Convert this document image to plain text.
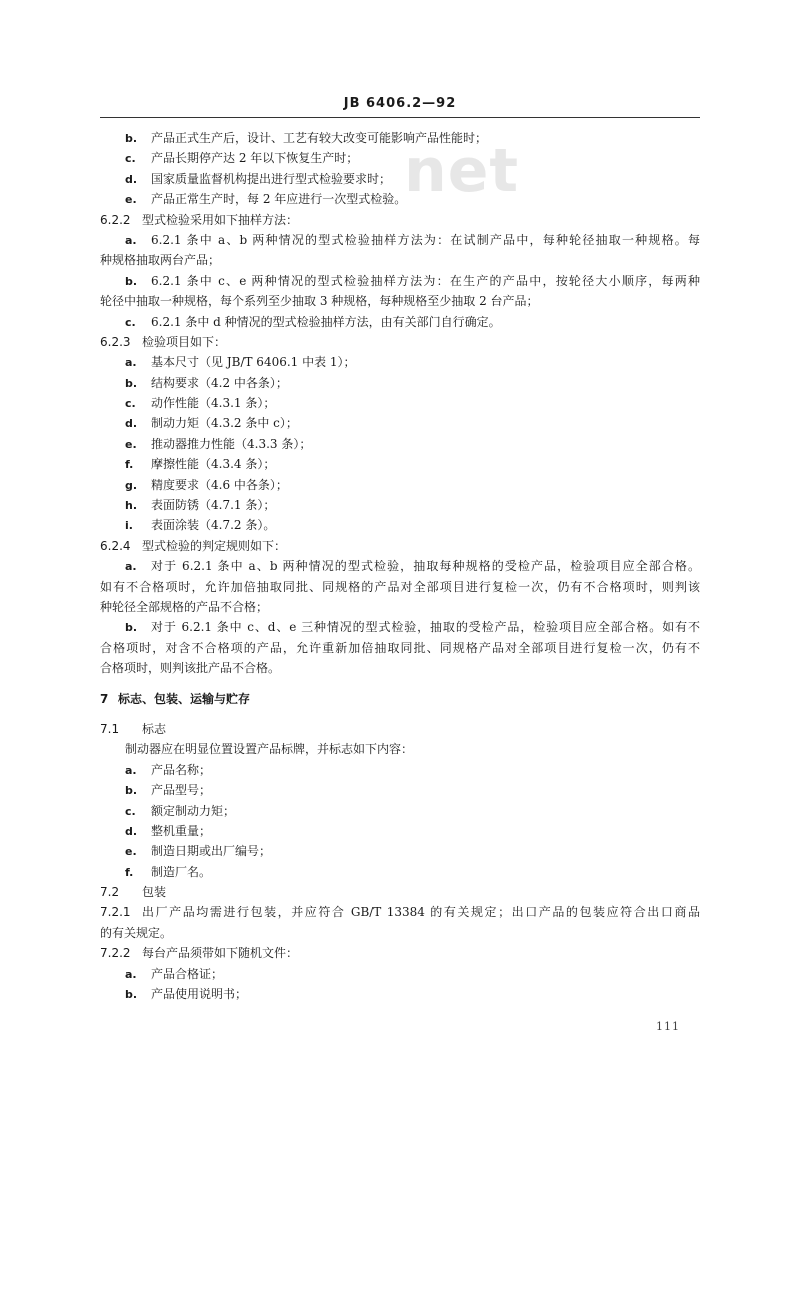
net
JB 6406.2—92
b. 产品正式生产后，设计、工艺有较大改变可能影响产品性能时；
c. 产品长期停产达 2 年以下恢复生产时；
d. 国家质量监督机构提出进行型式检验要求时；
e. 产品正常生产时，每 2 年应进行一次型式检验。
6.2.2 型式检验采用如下抽样方法：
a. 6.2.1 条中 a、b 两种情况的型式检验抽样方法为：在试制产品中，每种轮径抽取一种规格。每
种规格抽取两台产品；
b. 6.2.1 条中 c、e 两种情况的型式检验抽样方法为：在生产的产品中，按轮径大小顺序，每两种
轮径中抽取一种规格，每个系列至少抽取 3 种规格，每种规格至少抽取 2 台产品；
c. 6.2.1 条中 d 种情况的型式检验抽样方法，由有关部门自行确定。
6.2.3 检验项目如下：
a. 基本尺寸（见 JB/T 6406.1 中表 1）；
b. 结构要求（4.2 中各条）；
c. 动作性能（4.3.1 条）；
d. 制动力矩（4.3.2 条中 c）；
e. 推动器推力性能（4.3.3 条）；
f. 摩擦性能（4.3.4 条）；
g. 精度要求（4.6 中各条）；
h. 表面防锈（4.7.1 条）；
i. 表面涂装（4.7.2 条）。
6.2.4 型式检验的判定规则如下：
a. 对于 6.2.1 条中 a、b 两种情况的型式检验，抽取每种规格的受检产品，检验项目应全部合格。
如有不合格项时，允许加倍抽取同批、同规格的产品对全部项目进行复检一次，仍有不合格项时，则判该
种轮径全部规格的产品不合格；
b. 对于 6.2.1 条中 c、d、e 三种情况的型式检验，抽取的受检产品，检验项目应全部合格。如有不
合格项时，对含不合格项的产品，允许重新加倍抽取同批、同规格产品对全部项目进行复检一次，仍有不
合格项时，则判该批产品不合格。
7 标志、包装、运输与贮存
7.1 标志
制动器应在明显位置设置产品标牌，并标志如下内容：
a. 产品名称；
b. 产品型号；
c. 额定制动力矩；
d. 整机重量；
e. 制造日期或出厂编号；
f. 制造厂名。
7.2 包装
7.2.1 出厂产品均需进行包装，并应符合 GB/T 13384 的有关规定；出口产品的包装应符合出口商品
的有关规定。
7.2.2 每台产品须带如下随机文件：
a. 产品合格证；
b. 产品使用说明书；
111
